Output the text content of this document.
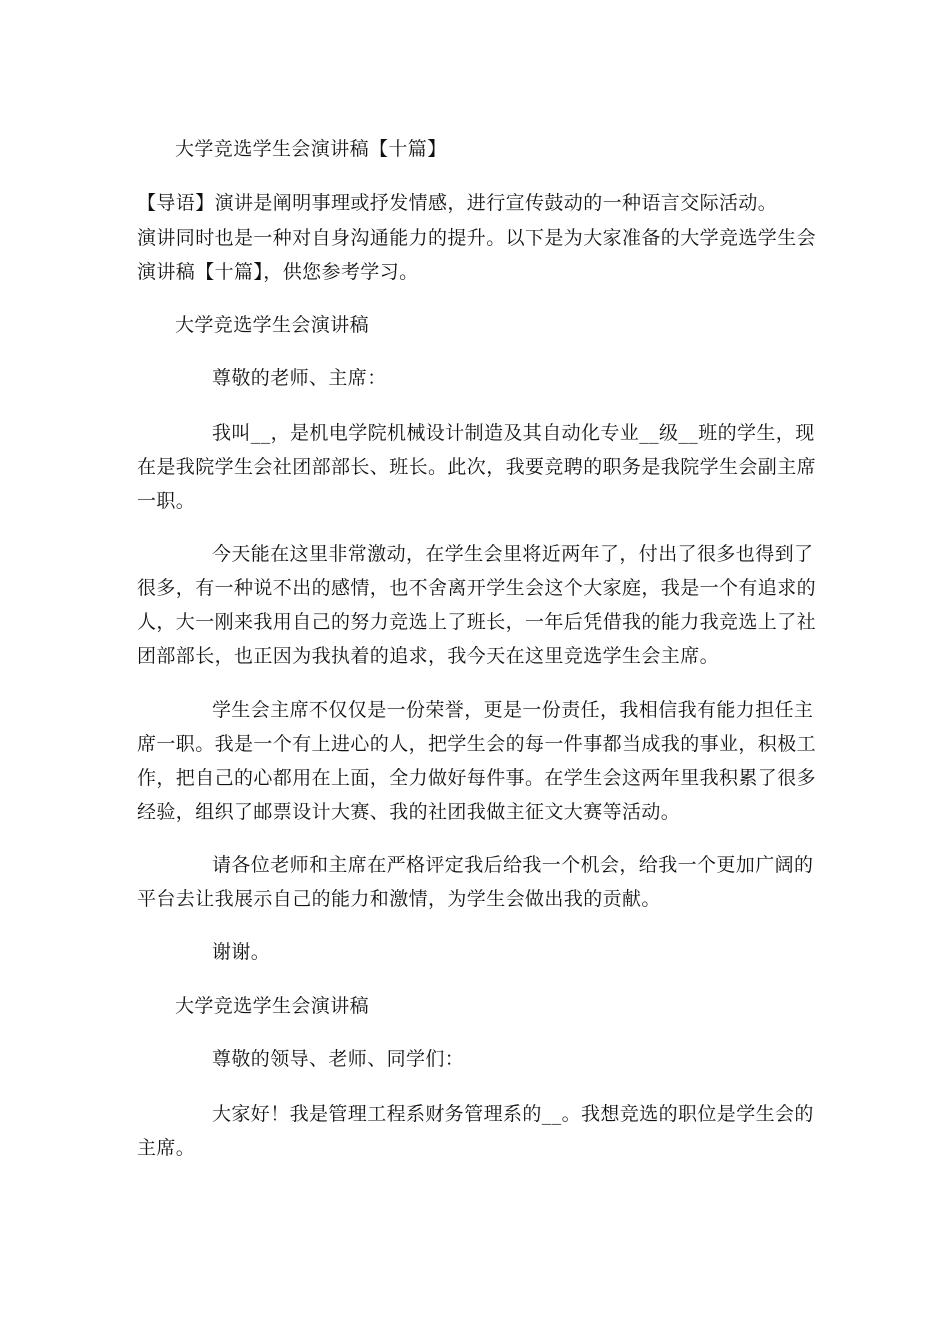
大学竞选学生会演讲稿【十篇】
【导语】演讲是阐明事理或抒发情感，进行宣传鼓动的一种语言交际活动。
演讲同时也是一种对自身沟通能力的提升。以下是为大家准备的大学竞选学生会
演讲稿【十篇】，供您参考学习。
大学竞选学生会演讲稿
尊敬的老师、主席：
我叫__，是机电学院机械设计制造及其自动化专业__级__班的学生，现
在是我院学生会社团部部长、班长。此次，我要竞聘的职务是我院学生会副主席
一职。
今天能在这里非常激动，在学生会里将近两年了，付出了很多也得到了
很多，有一种说不出的感情，也不舍离开学生会这个大家庭，我是一个有追求的
人，大一刚来我用自己的努力竞选上了班长，一年后凭借我的能力我竞选上了社
团部部长，也正因为我执着的追求，我今天在这里竞选学生会主席。
学生会主席不仅仅是一份荣誉，更是一份责任，我相信我有能力担任主
席一职。我是一个有上进心的人，把学生会的每一件事都当成我的事业，积极工
作，把自己的心都用在上面，全力做好每件事。在学生会这两年里我积累了很多
经验，组织了邮票设计大赛、我的社团我做主征文大赛等活动。
请各位老师和主席在严格评定我后给我一个机会，给我一个更加广阔的
平台去让我展示自己的能力和激情，为学生会做出我的贡献。
谢谢。
大学竞选学生会演讲稿
尊敬的领导、老师、同学们：
大家好！我是管理工程系财务管理系的__。我想竞选的职位是学生会的
主席。
